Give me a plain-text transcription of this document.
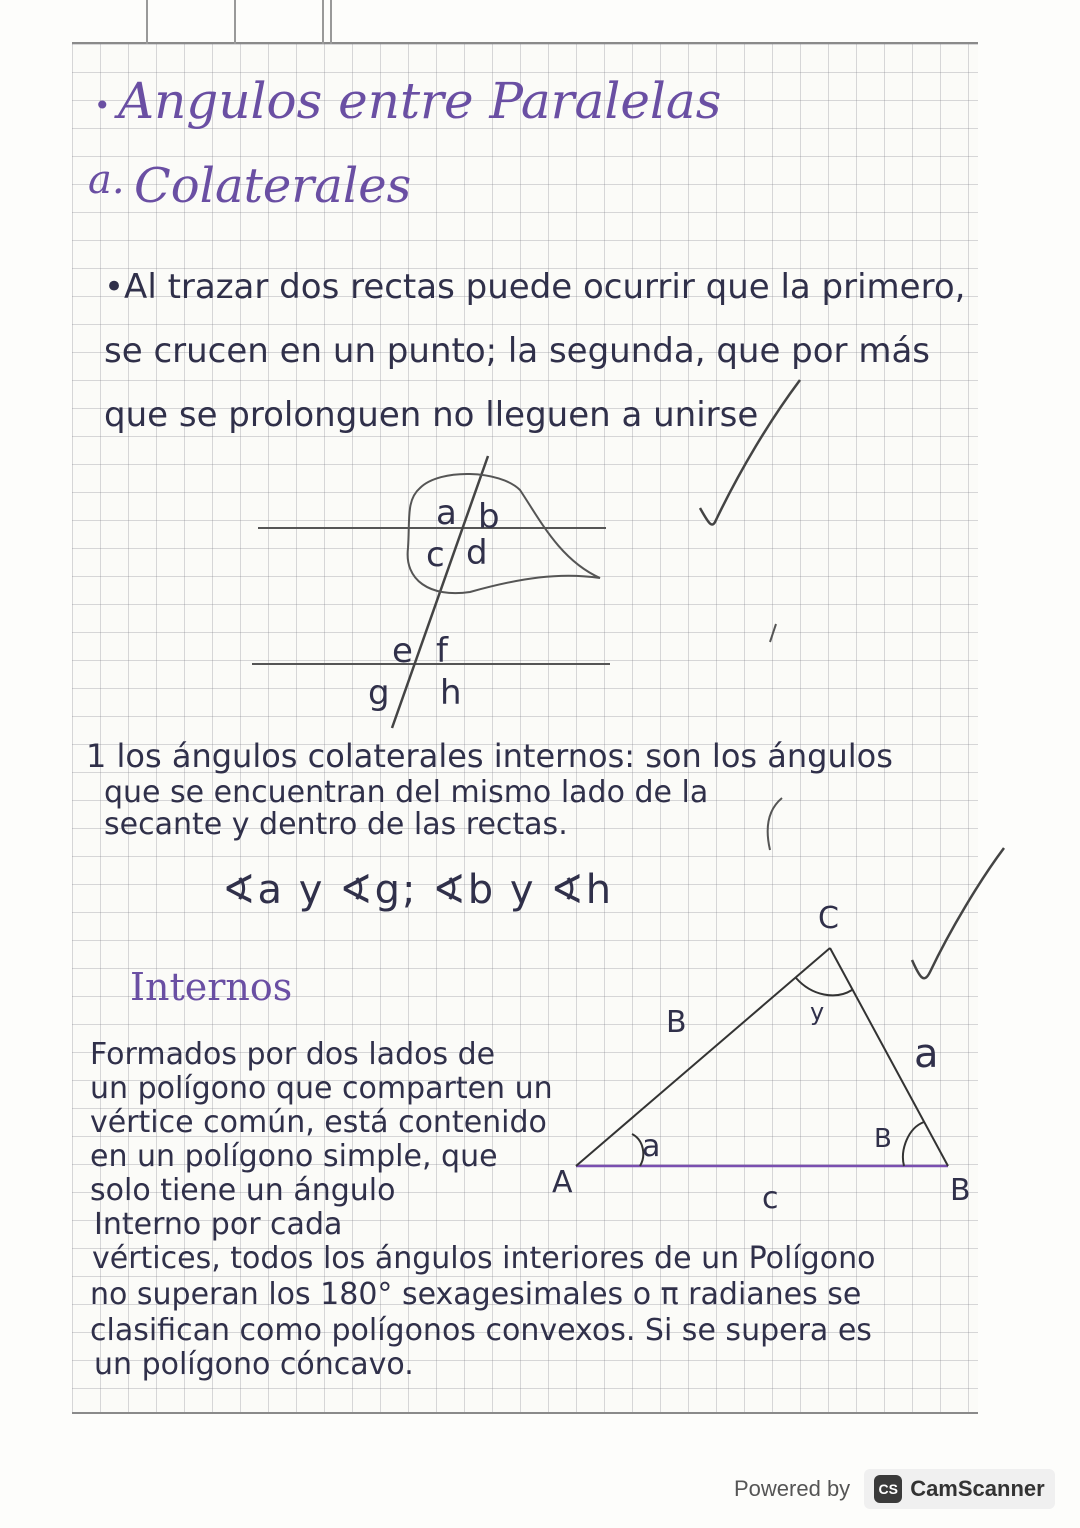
• Angulos entre Paralelas
a. Colaterales
•Al trazar dos rectas puede ocurrir que la primero,
se crucen en un punto; la segunda, que por más
que se prolonguen no lleguen a unirse
a b
c d
e f
g h
1 los ángulos colaterales internos: son los ángulos
que se encuentran del mismo lado de la
secante y dentro de las rectas.
∢a y ∢g; ∢b y ∢h
Internos
Formados por dos lados de
un polígono que comparten un
vértice común, está contenido
en un polígono simple, que
solo tiene un ángulo
Interno por cada
vértices, todos los ángulos interiores de un Polígono
no superan los 180° sexagesimales o π radianes se
clasifican como polígonos convexos. Si se supera es
un polígono cóncavo.
C
B	y
a
a	B
A	c	B
Powered by	CS CamScanner
